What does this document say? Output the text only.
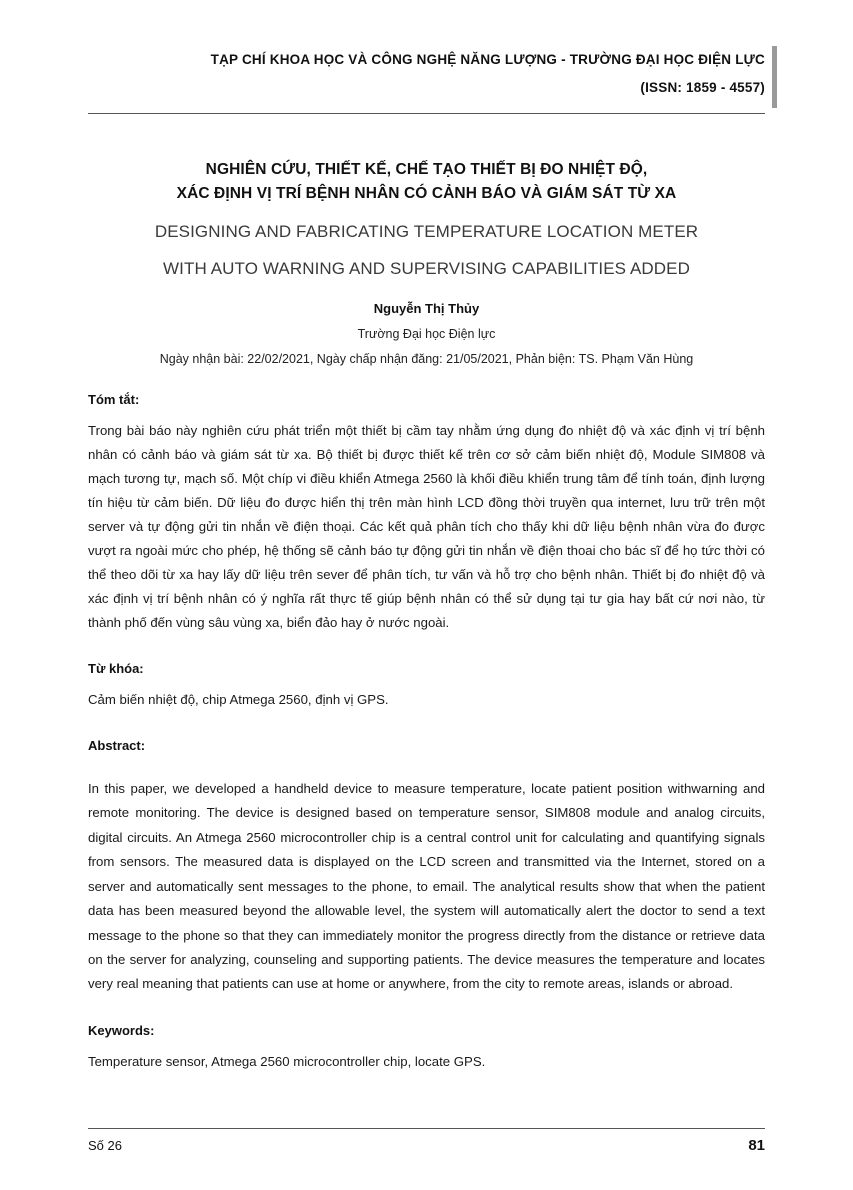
TẠP CHÍ KHOA HỌC VÀ CÔNG NGHỆ NĂNG LƯỢNG - TRƯỜNG ĐẠI HỌC ĐIỆN LỰC
(ISSN: 1859 - 4557)
NGHIÊN CỨU, THIẾT KẾ, CHẾ TẠO THIẾT BỊ ĐO NHIỆT ĐỘ,
XÁC ĐỊNH VỊ TRÍ BỆNH NHÂN CÓ CẢNH BÁO VÀ GIÁM SÁT TỪ XA
DESIGNING AND FABRICATING TEMPERATURE LOCATION METER
WITH AUTO WARNING AND SUPERVISING CAPABILITIES ADDED
Nguyễn Thị Thủy
Trường Đại học Điện lực
Ngày nhận bài: 22/02/2021, Ngày chấp nhận đăng: 21/05/2021, Phản biện: TS. Phạm Văn Hùng
Tóm tắt:
Trong bài báo này nghiên cứu phát triển một thiết bị cầm tay nhằm ứng dụng đo nhiệt độ và xác định vị trí bệnh nhân có cảnh báo và giám sát từ xa. Bộ thiết bị được thiết kế trên cơ sở cảm biến nhiệt độ, Module SIM808 và mạch tương tự, mạch số. Một chíp vi điều khiển Atmega 2560 là khối điều khiển trung tâm để tính toán, định lượng tín hiệu từ cảm biến. Dữ liệu đo được hiển thị trên màn hình LCD đồng thời truyền qua internet, lưu trữ trên một server và tự động gửi tin nhắn về điện thoại. Các kết quả phân tích cho thấy khi dữ liệu bệnh nhân vừa đo được vượt ra ngoài mức cho phép, hệ thống sẽ cảnh báo tự động gửi tin nhắn về điện thoai cho bác sĩ để họ tức thời có thể theo dõi từ xa hay lấy dữ liệu trên sever để phân tích, tư vấn và hỗ trợ cho bệnh nhân. Thiết bị đo nhiệt độ và xác định vị trí bệnh nhân có ý nghĩa rất thực tế giúp bệnh nhân có thể sử dụng tại tư gia hay bất cứ nơi nào, từ thành phố đến vùng sâu vùng xa, biển đảo hay ở nước ngoài.
Từ khóa:
Cảm biến nhiệt độ, chip Atmega 2560, định vị GPS.
Abstract:
In this paper, we developed a handheld device to measure temperature, locate patient position withwarning and remote monitoring. The device is designed based on temperature sensor, SIM808 module and analog circuits, digital circuits. An Atmega 2560 microcontroller chip is a central control unit for calculating and quantifying signals from sensors. The measured data is displayed on the LCD screen and transmitted via the Internet, stored on a server and automatically sent messages to the phone, to email. The analytical results show that when the patient data has been measured beyond the allowable level, the system will automatically alert the doctor to send a text message to the phone so that they can immediately monitor the progress directly from the distance or retrieve data on the server for analyzing, counseling and supporting patients. The device measures the temperature and locates very real meaning that patients can use at home or anywhere, from the city to remote areas, islands or abroad.
Keywords:
Temperature sensor, Atmega 2560 microcontroller chip, locate GPS.
Số 26	81
